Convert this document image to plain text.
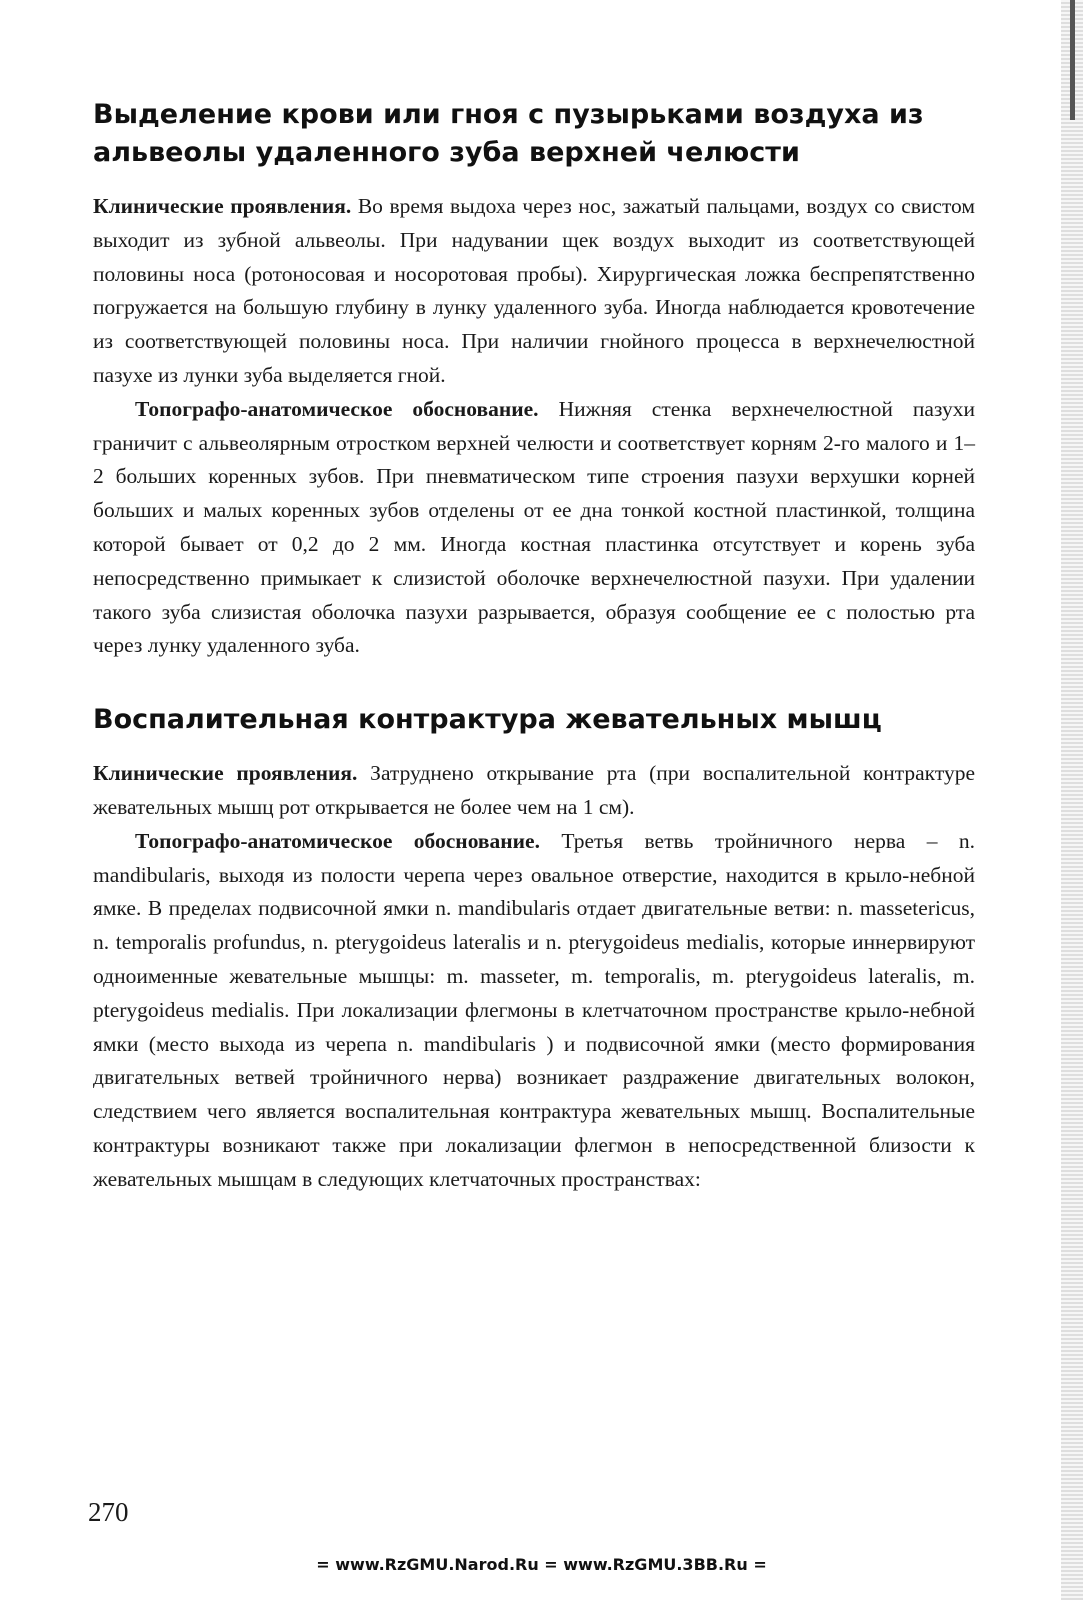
Выделение крови или гноя с пузырьками воздуха из альвеолы удаленного зуба верхней челюсти

Клинические проявления. Во время выдоха через нос, зажатый пальцами, воздух со свистом выходит из зубной альвеолы. При надувании щек воздух выходит из соответствующей половины носа (ротоносовая и носоротовая пробы). Хирургическая ложка беспрепятственно погружается на большую глубину в лунку удаленного зуба. Иногда наблюдается кровотечение из соответствующей половины носа. При наличии гнойного процесса в верхнечелюстной пазухе из лунки зуба выделяется гной.

Топографо-анатомическое обоснование. Нижняя стенка верхнечелюстной пазухи граничит с альвеолярным отростком верхней челюсти и соответствует корням 2-го малого и 1–2 больших коренных зубов. При пневматическом типе строения пазухи верхушки корней больших и малых коренных зубов отделены от ее дна тонкой костной пластинкой, толщина которой бывает от 0,2 до 2 мм. Иногда костная пластинка отсутствует и корень зуба непосредственно примыкает к слизистой оболочке верхнечелюстной пазухи. При удалении такого зуба слизистая оболочка пазухи разрывается, образуя сообщение ее с полостью рта через лунку удаленного зуба.

Воспалительная контрактура жевательных мышц

Клинические проявления. Затруднено открывание рта (при воспалительной контрактуре жевательных мышц рот открывается не более чем на 1 см).

Топографо-анатомическое обоснование. Третья ветвь тройничного нерва – n. mandibularis, выходя из полости черепа через овальное отверстие, находится в крыло-небной ямке. В пределах подвисочной ямки n. mandibularis отдает двигательные ветви: n. massetericus, n. temporalis profundus, n. pterygoideus lateralis и n. pterygoideus medialis, которые иннервируют одноименные жевательные мышцы: m. masseter, m. temporalis, m. pterygoideus lateralis, m. pterygoideus medialis. При локализации флегмоны в клетчаточном пространстве крыло-небной ямки (место выхода из черепа n. mandibularis ) и подвисочной ямки (место формирования двигательных ветвей тройничного нерва) возникает раздражение двигательных волокон, следствием чего является воспалительная контрактура жевательных мышц. Воспалительные контрактуры возникают также при локализации флегмон в непосредственной близости к жевательных мышцам в следующих клетчаточных пространствах:

270
= www.RzGMU.Narod.Ru = www.RzGMU.3BB.Ru =
